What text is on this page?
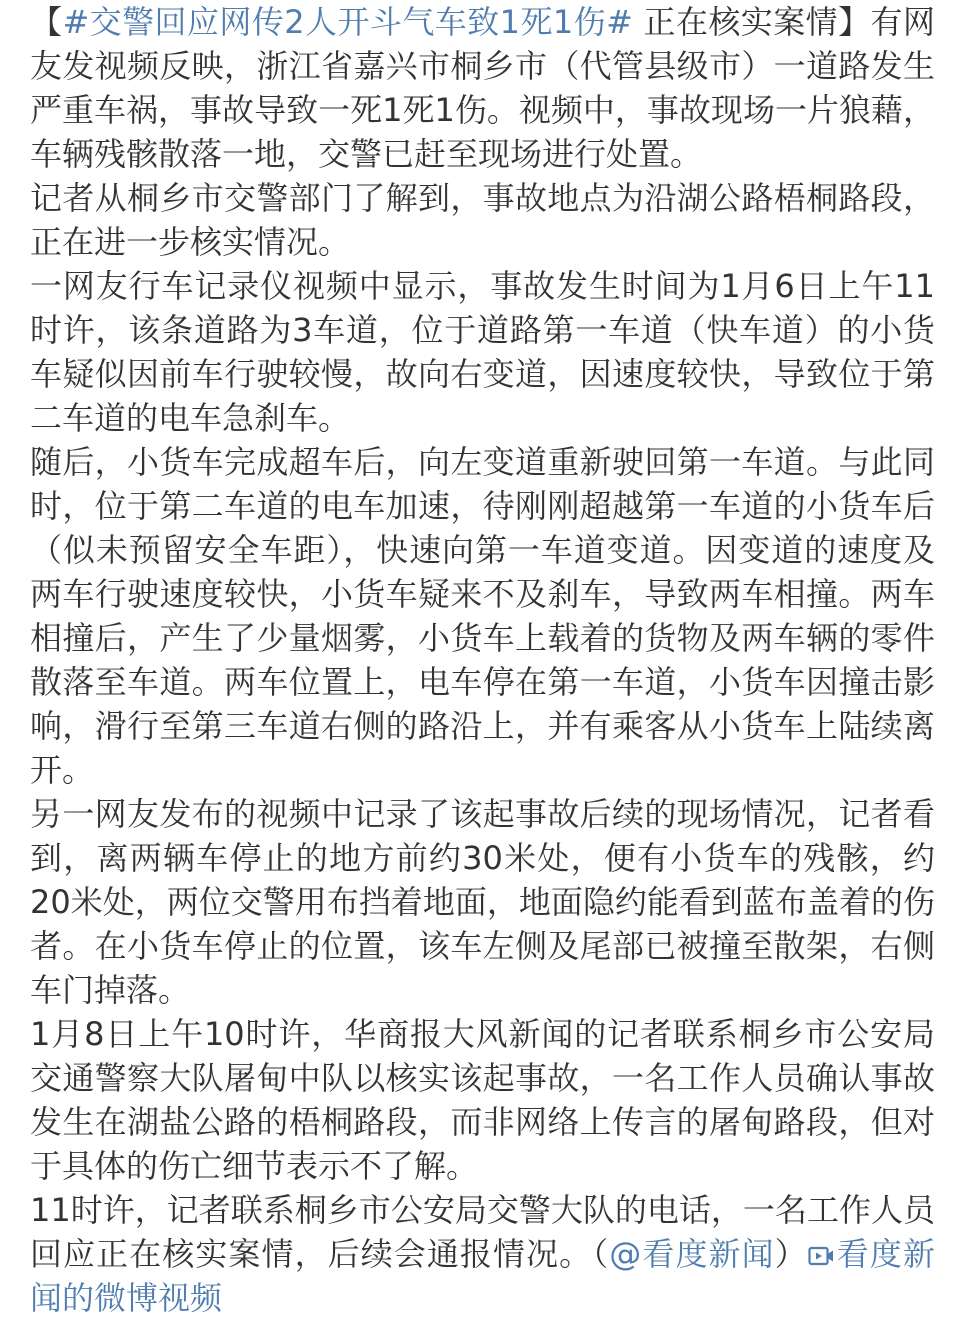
【#交警回应网传2人开斗气车致1死1伤# 正在核实案情】有网友发视频反映，浙江省嘉兴市桐乡市（代管县级市）一道路发生严重车祸，事故导致一死1死1伤。视频中，事故现场一片狼藉，车辆残骸散落一地，交警已赶至现场进行处置。

记者从桐乡市交警部门了解到，事故地点为沿湖公路梧桐路段，正在进一步核实情况。

一网友行车记录仪视频中显示，事故发生时间为1月6日上午11时许，该条道路为3车道，位于道路第一车道（快车道）的小货车疑似因前车行驶较慢，故向右变道，因速度较快，导致位于第二车道的电车急刹车。

随后，小货车完成超车后，向左变道重新驶回第一车道。与此同时，位于第二车道的电车加速，待刚刚超越第一车道的小货车后（似未预留安全车距），快速向第一车道变道。因变道的速度及两车行驶速度较快，小货车疑来不及刹车，导致两车相撞。两车相撞后，产生了少量烟雾，小货车上载着的货物及两车辆的零件散落至车道。两车位置上，电车停在第一车道，小货车因撞击影响，滑行至第三车道右侧的路沿上，并有乘客从小货车上陆续离开。

另一网友发布的视频中记录了该起事故后续的现场情况，记者看到，离两辆车停止的地方前约30米处，便有小货车的残骸，约20米处，两位交警用布挡着地面，地面隐约能看到蓝布盖着的伤者。在小货车停止的位置，该车左侧及尾部已被撞至散架，右侧车门掉落。

1月8日上午10时许，华商报大风新闻的记者联系桐乡市公安局交通警察大队屠甸中队以核实该起事故，一名工作人员确认事故发生在湖盐公路的梧桐路段，而非网络上传言的屠甸路段，但对于具体的伤亡细节表示不了解。

11时许，记者联系桐乡市公安局交警大队的电话，一名工作人员回应正在核实案情，后续会通报情况。（@看度新闻） 看度新闻的微博视频
